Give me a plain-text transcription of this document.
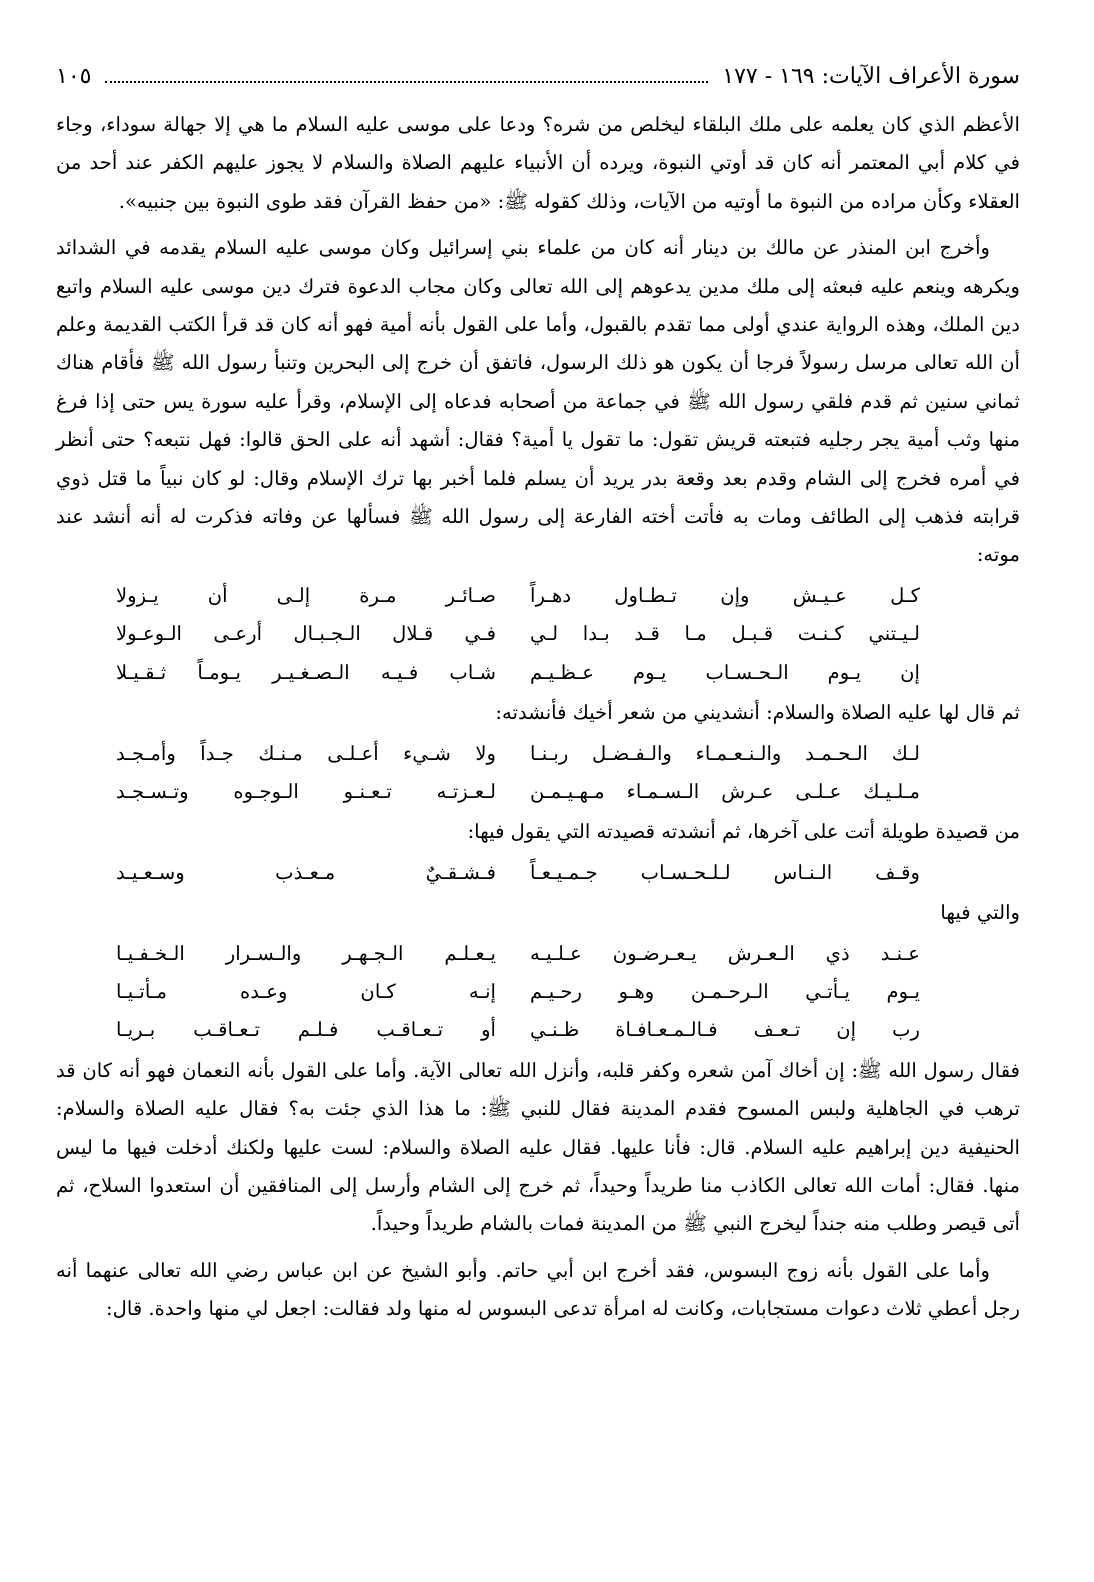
سورة الأعراف الآيات: ١٦٩ - ١٧٧
١٠٥

الأعظم الذي كان يعلمه على ملك البلقاء ليخلص من شره؟ ودعا على موسى عليه السلام ما هي إلا جهالة سوداء، وجاء في كلام أبي المعتمر أنه كان قد أوتي النبوة، ويرده أن الأنبياء عليهم الصلاة والسلام لا يجوز عليهم الكفر عند أحد من العقلاء وكأن مراده من النبوة ما أوتيه من الآيات، وذلك كقوله ﷺ: «من حفظ القرآن فقد طوى النبوة بين جنبيه».

وأخرج ابن المنذر عن مالك بن دينار أنه كان من علماء بني إسرائيل وكان موسى عليه السلام يقدمه في الشدائد ويكرهه وينعم عليه فبعثه إلى ملك مدين يدعوهم إلى الله تعالى وكان مجاب الدعوة فترك دين موسى عليه السلام واتبع دين الملك، وهذه الرواية عندي أولى مما تقدم بالقبول، وأما على القول بأنه أمية فهو أنه كان قد قرأ الكتب القديمة وعلم أن الله تعالى مرسل رسولاً فرجا أن يكون هو ذلك الرسول، فاتفق أن خرج إلى البحرين وتنبأ رسول الله ﷺ فأقام هناك ثماني سنين ثم قدم فلقي رسول الله ﷺ في جماعة من أصحابه فدعاه إلى الإسلام، وقرأ عليه سورة يس حتى إذا فرغ منها وثب أمية يجر رجليه فتبعته قريش تقول: ما تقول يا أمية؟ فقال: أشهد أنه على الحق قالوا: فهل نتبعه؟ حتى أنظر في أمره فخرج إلى الشام وقدم بعد وقعة بدر يريد أن يسلم فلما أخبر بها ترك الإسلام وقال: لو كان نبياً ما قتل ذوي قرابته فذهب إلى الطائف ومات به فأتت أخته الفارعة إلى رسول الله ﷺ فسألها عن وفاته فذكرت له أنه أنشد عند موته:

كـل عـيـش وإن تـطـاول دهـراً
صـائـر مـرة إلـى أن يـزولا
لـيـتني كـنـت قـبـل مـا قـد بـدا لـي
فـي قـلال الـجـبـال أرعـى الـوعـولا
إن يـوم الـحـسـاب يـوم عـظـيـم
شـاب فـيـه الـصـغـيـر يـومـاً ثـقـيـلا

ثم قال لها عليه الصلاة والسلام: أنشديني من شعر أخيك فأنشدته:

لـك الـحـمـد والـنـعـمـاء والـفـضـل ربـنـا
ولا شـيء أعـلـى مـنـك جـداً وأمـجـد
مـلـيـك عـلـى عـرش الـسـمـاء مـهـيـمـن
لـعـزتـه تـعـنـو الـوجـوه وتـسـجـد

من قصيدة طويلة أتت على آخرها، ثم أنشدته قصيدته التي يقول فيها:

وقـف الـنـاس لـلـحـسـاب جـمـيـعـاً
فـشـقـيٌ مـعـذب وسـعـيـد

والتي فيها

عـنـد ذي الـعـرش يـعـرضـون عـلـيـه
يـعـلـم الـجـهـر والـسـرار الـخـفـيـا
يـوم يـأتـي الـرحـمـن وهـو رحـيـم
إنـه كـان وعـده مـأتـيـا
رب إن تـعـف فـالـمـعـافـاة ظـنـي
أو تـعـاقـب فـلـم تـعـاقـب بـريـا

فقال رسول الله ﷺ: إن أخاك آمن شعره وكفر قلبه، وأنزل الله تعالى الآية. وأما على القول بأنه النعمان فهو أنه كان قد ترهب في الجاهلية ولبس المسوح فقدم المدينة فقال للنبي ﷺ: ما هذا الذي جئت به؟ فقال عليه الصلاة والسلام: الحنيفية دين إبراهيم عليه السلام. قال: فأنا عليها. فقال عليه الصلاة والسلام: لست عليها ولكنك أدخلت فيها ما ليس منها. فقال: أمات الله تعالى الكاذب منا طريداً وحيداً، ثم خرج إلى الشام وأرسل إلى المنافقين أن استعدوا السلاح، ثم أتى قيصر وطلب منه جنداً ليخرج النبي ﷺ من المدينة فمات بالشام طريداً وحيداً.

وأما على القول بأنه زوج البسوس، فقد أخرج ابن أبي حاتم. وأبو الشيخ عن ابن عباس رضي الله تعالى عنهما أنه رجل أعطي ثلاث دعوات مستجابات، وكانت له امرأة تدعى البسوس له منها ولد فقالت: اجعل لي منها واحدة. قال:
